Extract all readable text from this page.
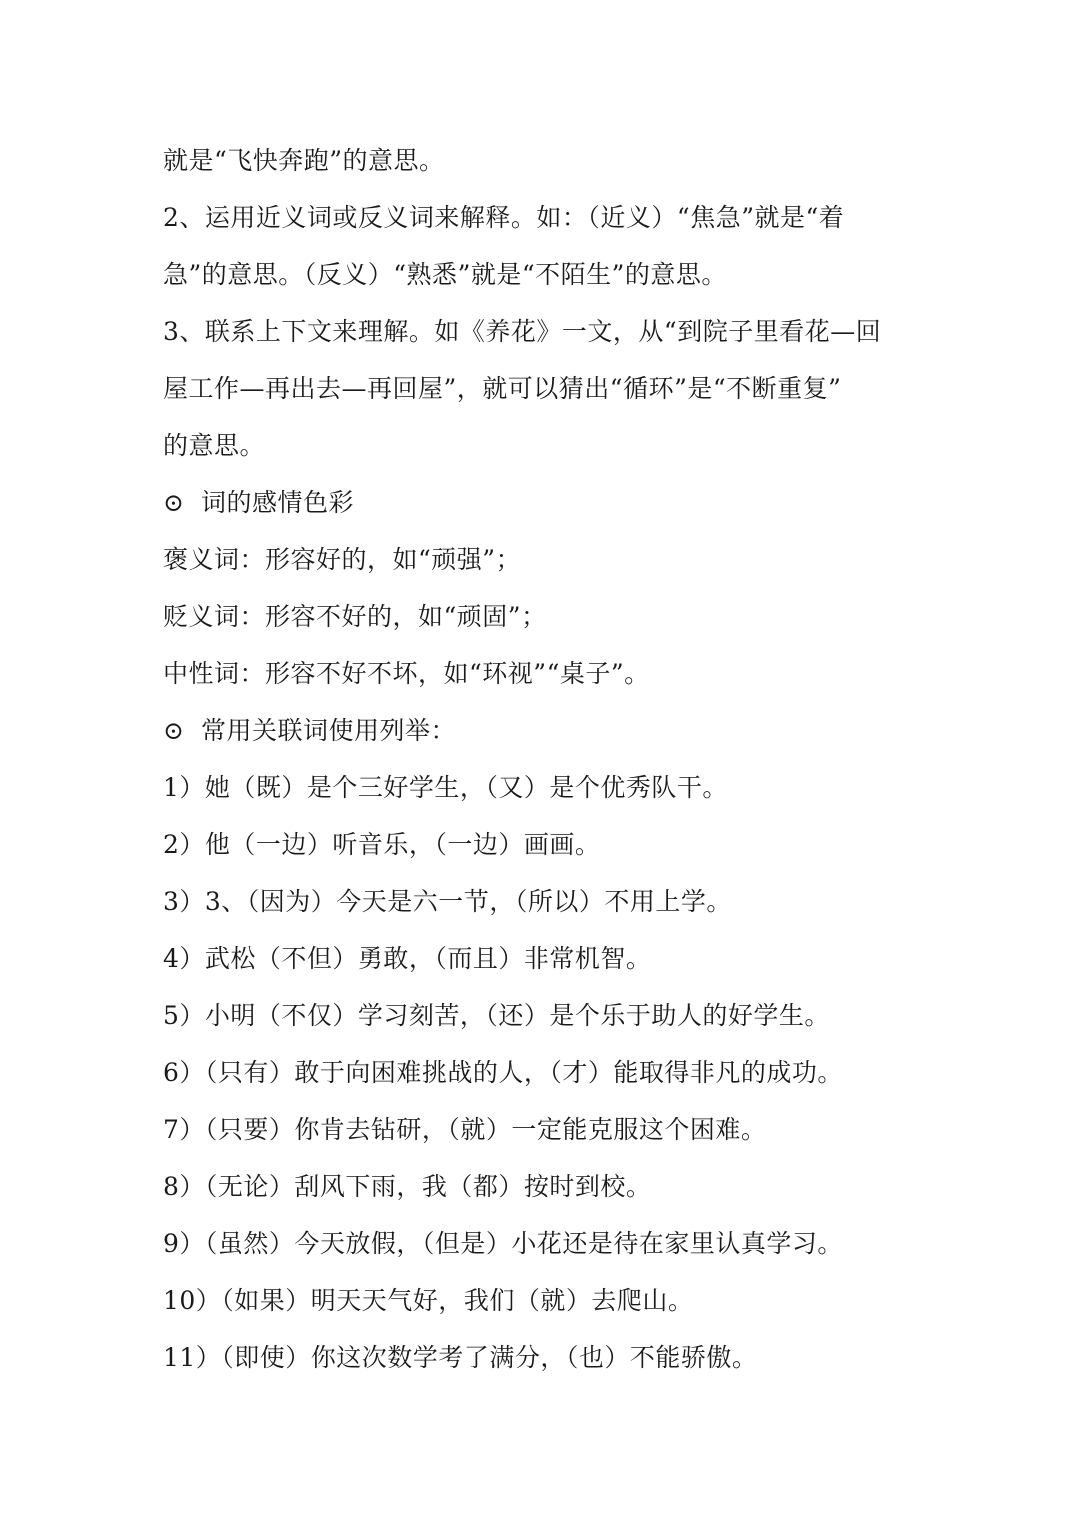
就是“飞快奔跑”的意思。
2、运用近义词或反义词来解释。如：（近义）“焦急”就是“着
急”的意思。（反义）“熟悉”就是“不陌生”的意思。
3、联系上下文来理解。如《养花》一文，从“到院子里看花—回
屋工作—再出去—再回屋”，就可以猜出“循环”是“不断重复”
的意思。
⊙ 词的感情色彩
褒义词：形容好的，如“顽强”；
贬义词：形容不好的，如“顽固”；
中性词：形容不好不坏，如“环视”“桌子”。
⊙ 常用关联词使用列举：
1）她（既）是个三好学生，（又）是个优秀队干。
2）他（一边）听音乐，（一边）画画。
3）3、（因为）今天是六一节，（所以）不用上学。
4）武松（不但）勇敢，（而且）非常机智。
5）小明（不仅）学习刻苦，（还）是个乐于助人的好学生。
6）（只有）敢于向困难挑战的人，（才）能取得非凡的成功。
7）（只要）你肯去钻研，（就）一定能克服这个困难。
8）（无论）刮风下雨，我（都）按时到校。
9）（虽然）今天放假，（但是）小花还是待在家里认真学习。
10）（如果）明天天气好，我们（就）去爬山。
11）（即使）你这次数学考了满分，（也）不能骄傲。
